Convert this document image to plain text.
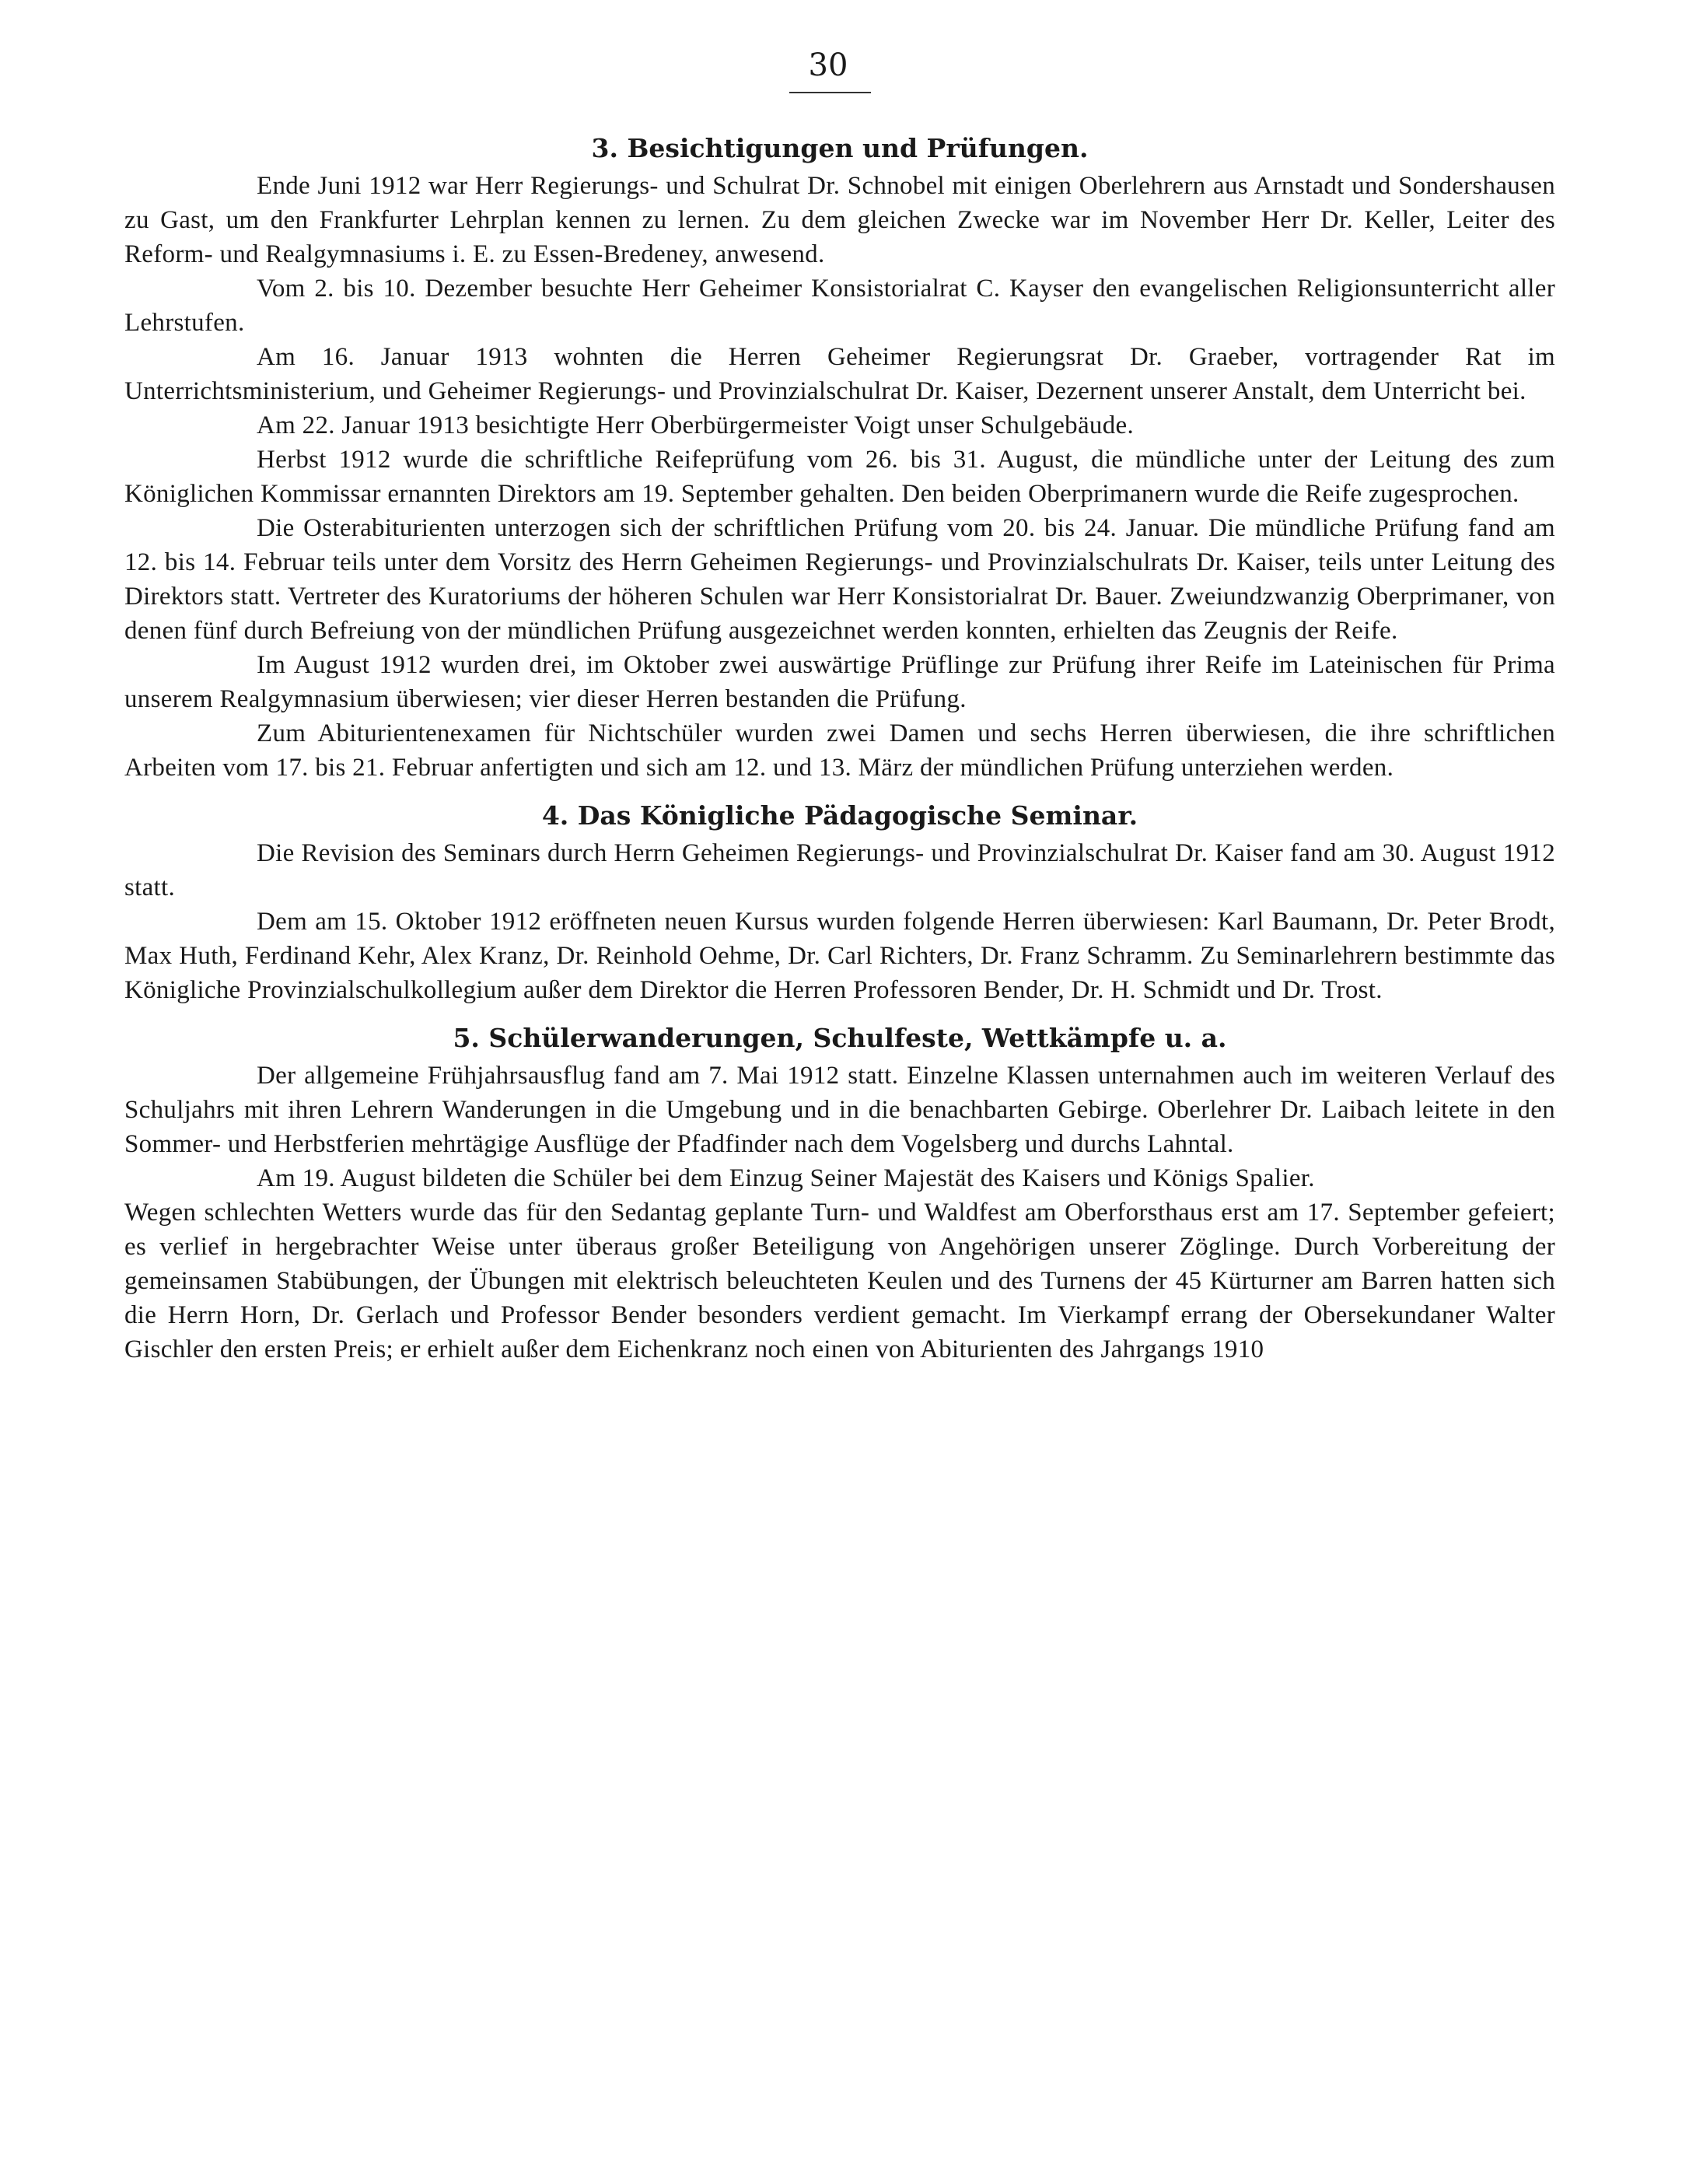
30
3. Besichtigungen und Prüfungen.

Ende Juni 1912 war Herr Regierungs- und Schulrat Dr. Schnobel mit einigen Oberlehrern aus Arnstadt und Sondershausen zu Gast, um den Frankfurter Lehrplan kennen zu lernen. Zu dem gleichen Zwecke war im November Herr Dr. Keller, Leiter des Reform- und Realgymnasiums i. E. zu Essen-Bredeney, anwesend.

Vom 2. bis 10. Dezember besuchte Herr Geheimer Konsistorialrat C. Kayser den evangelischen Religionsunterricht aller Lehrstufen.

Am 16. Januar 1913 wohnten die Herren Geheimer Regierungsrat Dr. Graeber, vortragender Rat im Unterrichtsministerium, und Geheimer Regierungs- und Provinzialschulrat Dr. Kaiser, Dezernent unserer Anstalt, dem Unterricht bei.

Am 22. Januar 1913 besichtigte Herr Oberbürgermeister Voigt unser Schulgebäude.

Herbst 1912 wurde die schriftliche Reifeprüfung vom 26. bis 31. August, die mündliche unter der Leitung des zum Königlichen Kommissar ernannten Direktors am 19. September gehalten. Den beiden Oberprimanern wurde die Reife zugesprochen.

Die Osterabiturienten unterzogen sich der schriftlichen Prüfung vom 20. bis 24. Januar. Die mündliche Prüfung fand am 12. bis 14. Februar teils unter dem Vorsitz des Herrn Geheimen Regierungs- und Provinzialschulrats Dr. Kaiser, teils unter Leitung des Direktors statt. Vertreter des Kuratoriums der höheren Schulen war Herr Konsistorialrat Dr. Bauer. Zweiundzwanzig Oberprimaner, von denen fünf durch Befreiung von der mündlichen Prüfung ausgezeichnet werden konnten, erhielten das Zeugnis der Reife.

Im August 1912 wurden drei, im Oktober zwei auswärtige Prüflinge zur Prüfung ihrer Reife im Lateinischen für Prima unserem Realgymnasium überwiesen; vier dieser Herren bestanden die Prüfung.

Zum Abiturientenexamen für Nichtschüler wurden zwei Damen und sechs Herren überwiesen, die ihre schriftlichen Arbeiten vom 17. bis 21. Februar anfertigten und sich am 12. und 13. März der mündlichen Prüfung unterziehen werden.

4. Das Königliche Pädagogische Seminar.

Die Revision des Seminars durch Herrn Geheimen Regierungs- und Provinzialschulrat Dr. Kaiser fand am 30. August 1912 statt.

Dem am 15. Oktober 1912 eröffneten neuen Kursus wurden folgende Herren überwiesen: Karl Baumann, Dr. Peter Brodt, Max Huth, Ferdinand Kehr, Alex Kranz, Dr. Reinhold Oehme, Dr. Carl Richters, Dr. Franz Schramm. Zu Seminarlehrern bestimmte das Königliche Provinzialschulkollegium außer dem Direktor die Herren Professoren Bender, Dr. H. Schmidt und Dr. Trost.

5. Schülerwanderungen, Schulfeste, Wettkämpfe u. a.

Der allgemeine Frühjahrsausflug fand am 7. Mai 1912 statt. Einzelne Klassen unternahmen auch im weiteren Verlauf des Schuljahrs mit ihren Lehrern Wanderungen in die Umgebung und in die benachbarten Gebirge. Oberlehrer Dr. Laibach leitete in den Sommer- und Herbstferien mehrtägige Ausflüge der Pfadfinder nach dem Vogelsberg und durchs Lahntal.

Am 19. August bildeten die Schüler bei dem Einzug Seiner Majestät des Kaisers und Königs Spalier.

Wegen schlechten Wetters wurde das für den Sedantag geplante Turn- und Waldfest am Oberforsthaus erst am 17. September gefeiert; es verlief in hergebrachter Weise unter überaus großer Beteiligung von Angehörigen unserer Zöglinge. Durch Vorbereitung der gemeinsamen Stabübungen, der Übungen mit elektrisch beleuchteten Keulen und des Turnens der 45 Kürturner am Barren hatten sich die Herrn Horn, Dr. Gerlach und Professor Bender besonders verdient gemacht. Im Vierkampf errang der Obersekundaner Walter Gischler den ersten Preis; er erhielt außer dem Eichenkranz noch einen von Abiturienten des Jahrgangs 1910
